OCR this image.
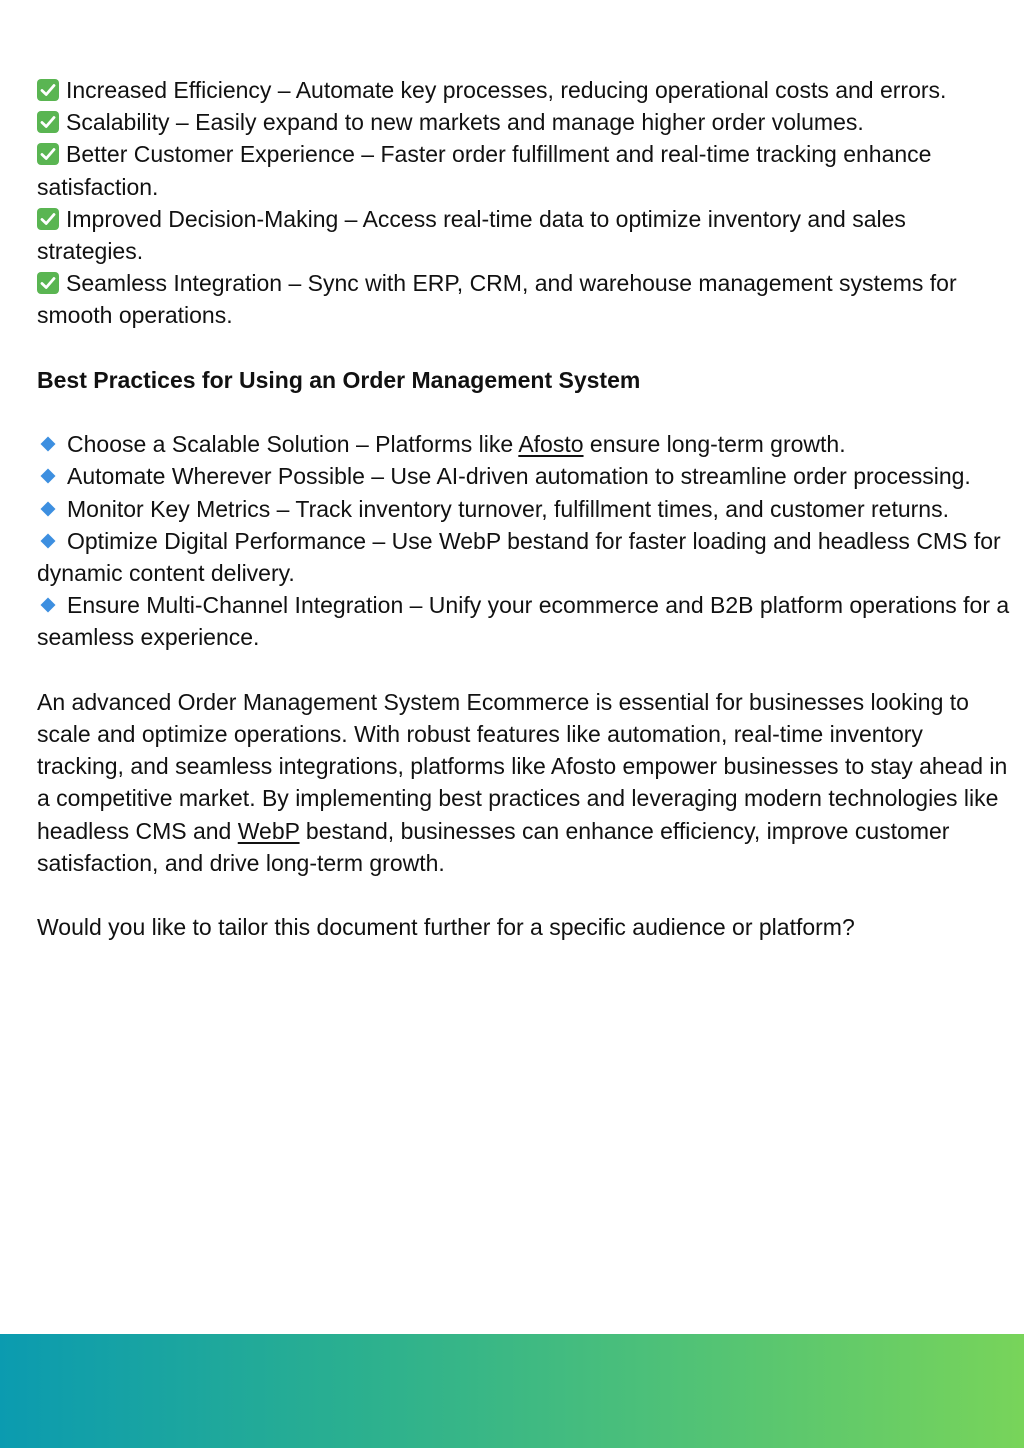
Increased Efficiency – Automate key processes, reducing operational costs and errors.

Scalability – Easily expand to new markets and manage higher order volumes.

Better Customer Experience – Faster order fulfillment and real-time tracking enhance satisfaction.

Improved Decision-Making – Access real-time data to optimize inventory and sales strategies.

Seamless Integration – Sync with ERP, CRM, and warehouse management systems for smooth operations.

Best Practices for Using an Order Management System

Choose a Scalable Solution – Platforms like Afosto ensure long-term growth.

Automate Wherever Possible – Use AI-driven automation to streamline order processing.

Monitor Key Metrics – Track inventory turnover, fulfillment times, and customer returns.

Optimize Digital Performance – Use WebP bestand for faster loading and headless CMS for dynamic content delivery.

Ensure Multi-Channel Integration – Unify your ecommerce and B2B platform operations for a seamless experience.

An advanced Order Management System Ecommerce is essential for businesses looking to scale and optimize operations. With robust features like automation, real-time inventory tracking, and seamless integrations, platforms like Afosto empower businesses to stay ahead in a competitive market. By implementing best practices and leveraging modern technologies like headless CMS and WebP bestand, businesses can enhance efficiency, improve customer satisfaction, and drive long-term growth.

Would you like to tailor this document further for a specific audience or platform?
